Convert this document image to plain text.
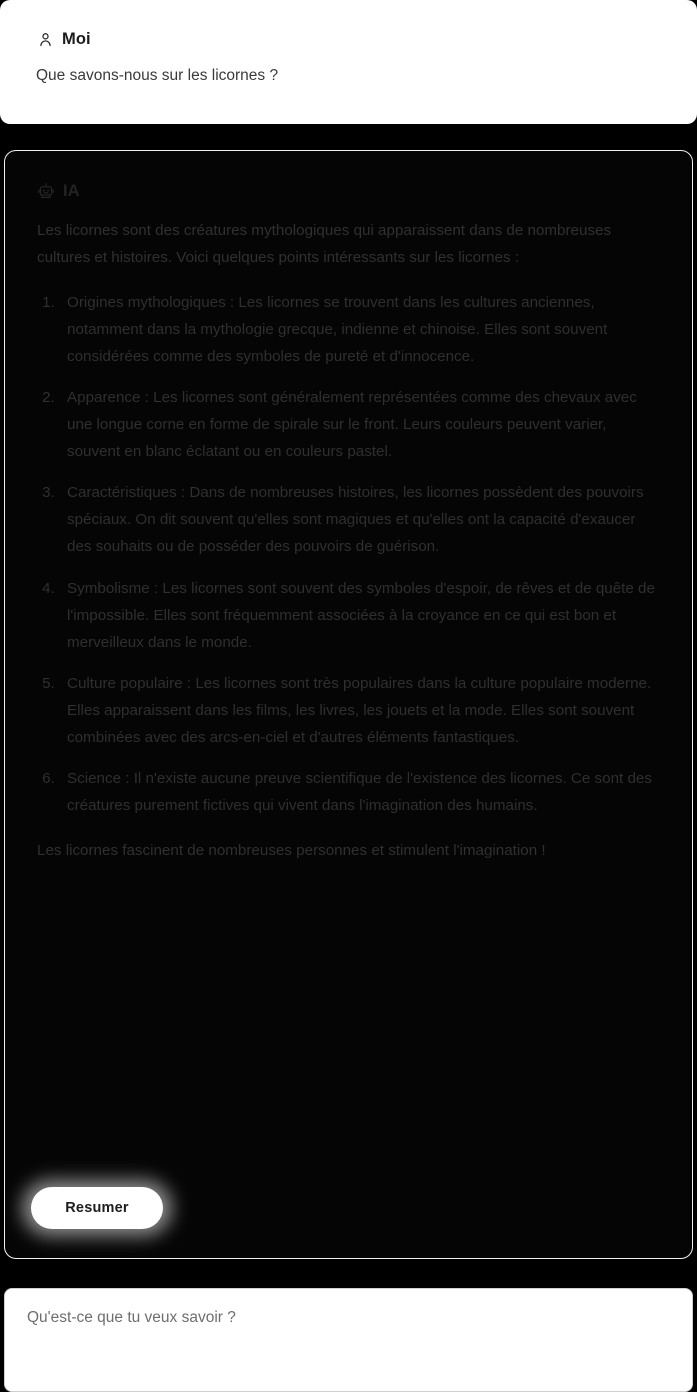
Moi
Que savons-nous sur les licornes ?
IA
Les licornes sont des créatures mythologiques qui apparaissent dans de nombreuses cultures et histoires. Voici quelques points intéressants sur les licornes :
1. Origines mythologiques : Les licornes se trouvent dans les cultures anciennes, notamment dans la mythologie grecque, indienne et chinoise. Elles sont souvent considérées comme des symboles de pureté et d'innocence.
2. Apparence : Les licornes sont généralement représentées comme des chevaux avec une longue corne en forme de spirale sur le front. Leurs couleurs peuvent varier, souvent en blanc éclatant ou en couleurs pastel.
3. Caractéristiques : Dans de nombreuses histoires, les licornes possèdent des pouvoirs spéciaux. On dit souvent qu'elles sont magiques et qu'elles ont la capacité d'exaucer des souhaits ou de posséder des pouvoirs de guérison.
4. Symbolisme : Les licornes sont souvent des symboles d'espoir, de rêves et de quête de l'impossible. Elles sont fréquemment associées à la croyance en ce qui est bon et merveilleux dans le monde.
5. Culture populaire : Les licornes sont très populaires dans la culture populaire moderne. Elles apparaissent dans les films, les livres, les jouets et la mode. Elles sont souvent combinées avec des arcs-en-ciel et d'autres éléments fantastiques.
6. Science : Il n'existe aucune preuve scientifique de l'existence des licornes. Ce sont des créatures purement fictives qui vivent dans l'imagination des humains.
Les licornes fascinent de nombreuses personnes et stimulent l'imagination !
Resumer
Qu'est-ce que tu veux savoir ?
